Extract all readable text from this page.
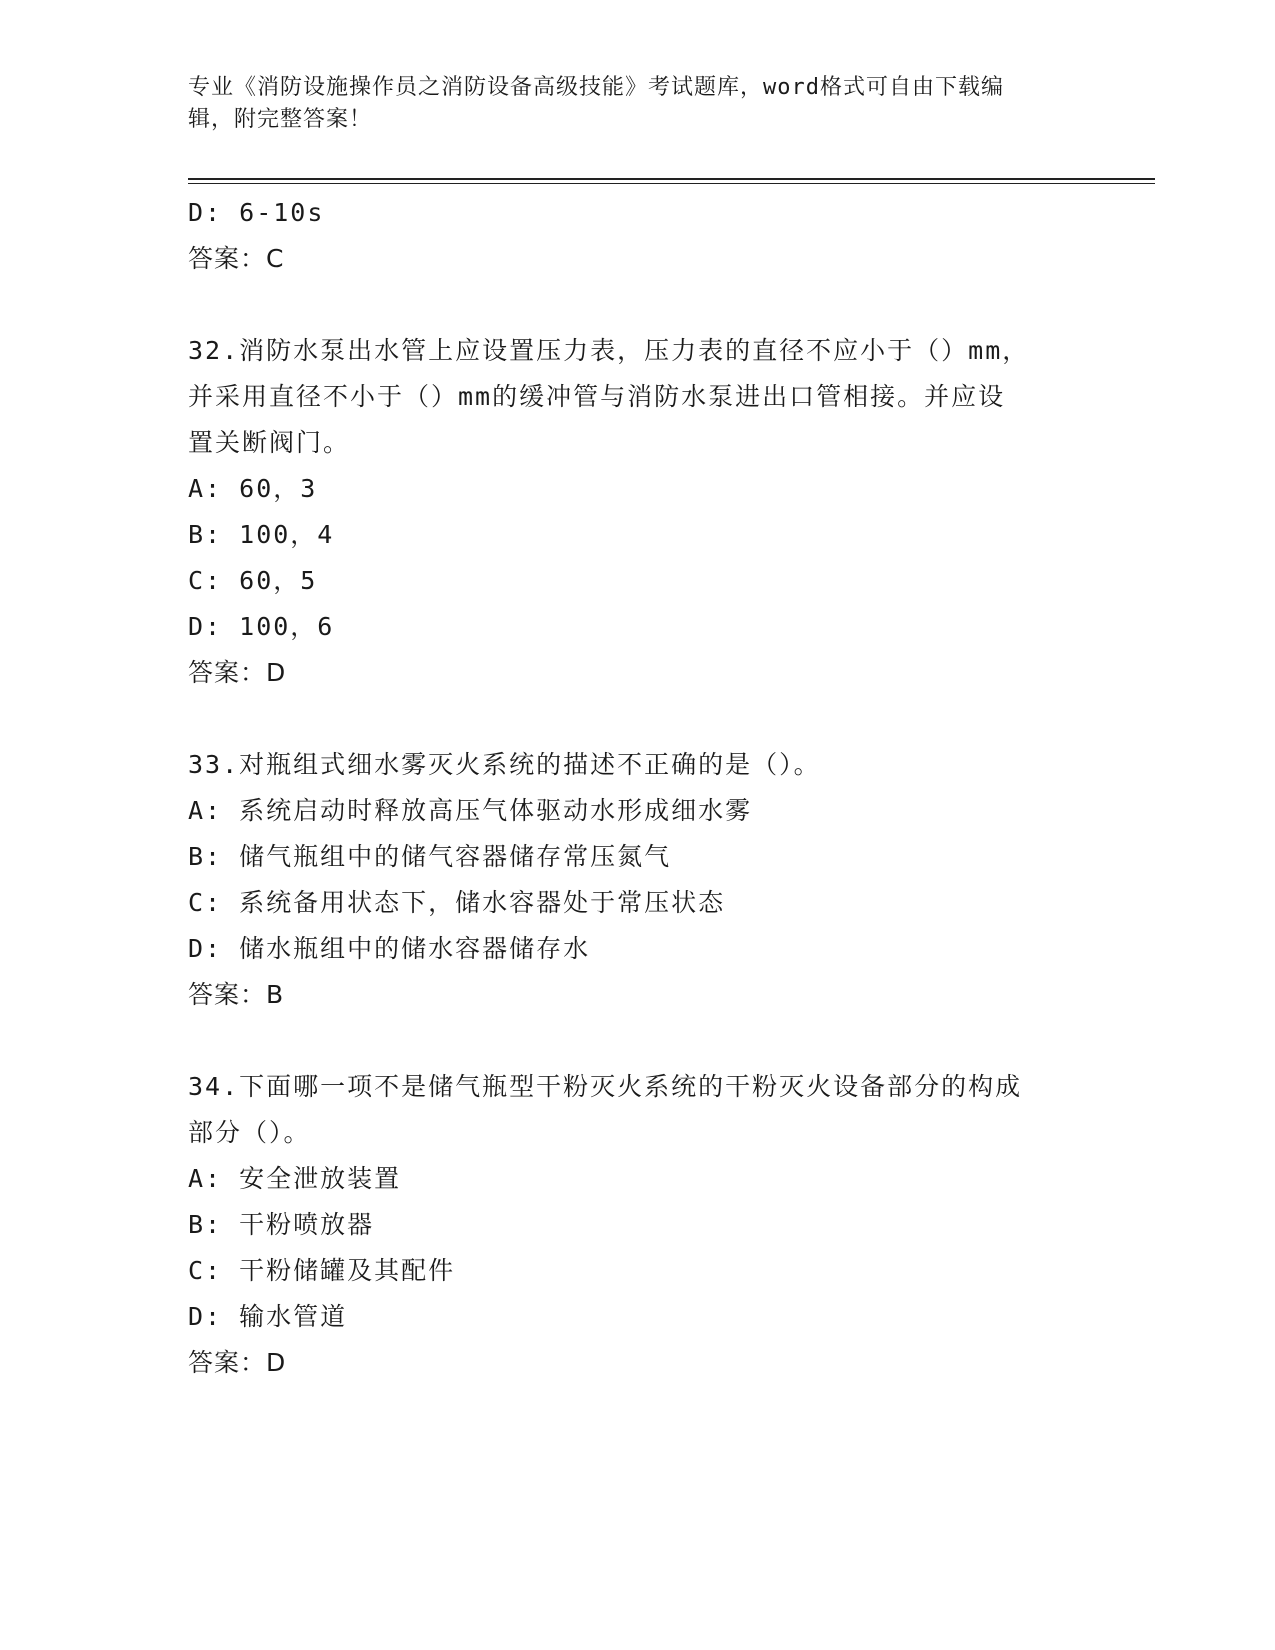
专业《消防设施操作员之消防设备高级技能》考试题库，word格式可自由下载编
辑，附完整答案！
D: 6-10s
答案：C
32.消防水泵出水管上应设置压力表，压力表的直径不应小于（）mm，
并采用直径不小于（）mm的缓冲管与消防水泵进出口管相接。并应设
置关断阀门。
A: 60，3
B: 100，4
C: 60，5
D: 100，6
答案：D
33.对瓶组式细水雾灭火系统的描述不正确的是（）。
A: 系统启动时释放高压气体驱动水形成细水雾
B: 储气瓶组中的储气容器储存常压氮气
C: 系统备用状态下，储水容器处于常压状态
D: 储水瓶组中的储水容器储存水
答案：B
34.下面哪一项不是储气瓶型干粉灭火系统的干粉灭火设备部分的构成
部分（）。
A: 安全泄放装置
B: 干粉喷放器
C: 干粉储罐及其配件
D: 输水管道
答案：D
